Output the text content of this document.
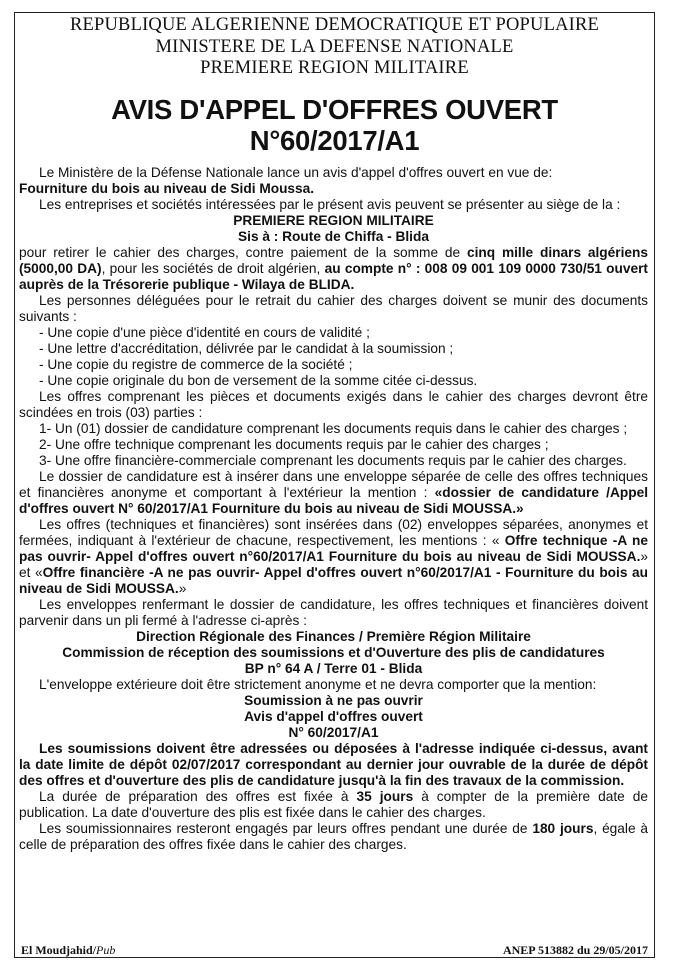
REPUBLIQUE ALGERIENNE DEMOCRATIQUE ET POPULAIRE
MINISTERE DE LA DEFENSE NATIONALE
PREMIERE REGION MILITAIRE
AVIS D'APPEL D'OFFRES OUVERT
N°60/2017/A1

Le Ministère de la Défense Nationale lance un avis d'appel d'offres ouvert en vue de:

Fourniture du bois au niveau de Sidi Moussa.

Les entreprises et sociétés intéressées par le présent avis peuvent se présenter au siège de la :

PREMIERE REGION MILITAIRE

Sis à : Route de Chiffa - Blida

pour retirer le cahier des charges, contre paiement de la somme de cinq mille dinars algériens (5000,00 DA), pour les sociétés de droit algérien, au compte n° : 008 09 001 109 0000 730/51 ouvert auprès de la Trésorerie publique - Wilaya de BLIDA.

Les personnes déléguées pour le retrait du cahier des charges doivent se munir des documents suivants :

- Une copie d'une pièce d'identité en cours de validité ;

- Une lettre d'accréditation, délivrée par le candidat à la soumission ;

- Une copie du registre de commerce de la société ;

- Une copie originale du bon de versement de la somme citée ci-dessus.

Les offres comprenant les pièces et documents exigés dans le cahier des charges devront être scindées en trois (03) parties :

1- Un (01) dossier de candidature comprenant les documents requis dans le cahier des charges ;

2- Une offre technique comprenant les documents requis par le cahier des charges ;

3- Une offre financière-commerciale comprenant les documents requis par le cahier des charges.

Le dossier de candidature est à insérer dans une enveloppe séparée de celle des offres techniques et financières anonyme et comportant à l'extérieur la mention : «dossier de candidature /Appel d'offres ouvert N° 60/2017/A1 Fourniture du bois au niveau de Sidi MOUSSA.»

Les offres (techniques et financières) sont insérées dans (02) enveloppes séparées, anonymes et fermées, indiquant à l'extérieur de chacune, respectivement, les mentions : « Offre technique -A ne pas ouvrir- Appel d'offres ouvert n°60/2017/A1 Fourniture du bois au niveau de Sidi MOUSSA.» et «Offre financière -A ne pas ouvrir- Appel d'offres ouvert n°60/2017/A1 - Fourniture du bois au niveau de Sidi MOUSSA.»

Les enveloppes renfermant le dossier de candidature, les offres techniques et financières doivent parvenir dans un pli fermé à l'adresse ci-après :

Direction Régionale des Finances / Première Région Militaire

Commission de réception des soumissions et d'Ouverture des plis de candidatures

BP n° 64 A / Terre 01 - Blida

L'enveloppe extérieure doit être strictement anonyme et ne devra comporter que la mention:

Soumission à ne pas ouvrir

Avis d'appel d'offres ouvert

N° 60/2017/A1

Les soumissions doivent être adressées ou déposées à l'adresse indiquée ci-dessus, avant la date limite de dépôt 02/07/2017 correspondant au dernier jour ouvrable de la durée de dépôt des offres et d'ouverture des plis de candidature jusqu'à la fin des travaux de la commission.

La durée de préparation des offres est fixée à 35 jours à compter de la première date de publication. La date d'ouverture des plis est fixée dans le cahier des charges.

Les soumissionnaires resteront engagés par leurs offres pendant une durée de 180 jours, égale à celle de préparation des offres fixée dans le cahier des charges.

El Moudjahid/Pub	ANEP 513882 du 29/05/2017
